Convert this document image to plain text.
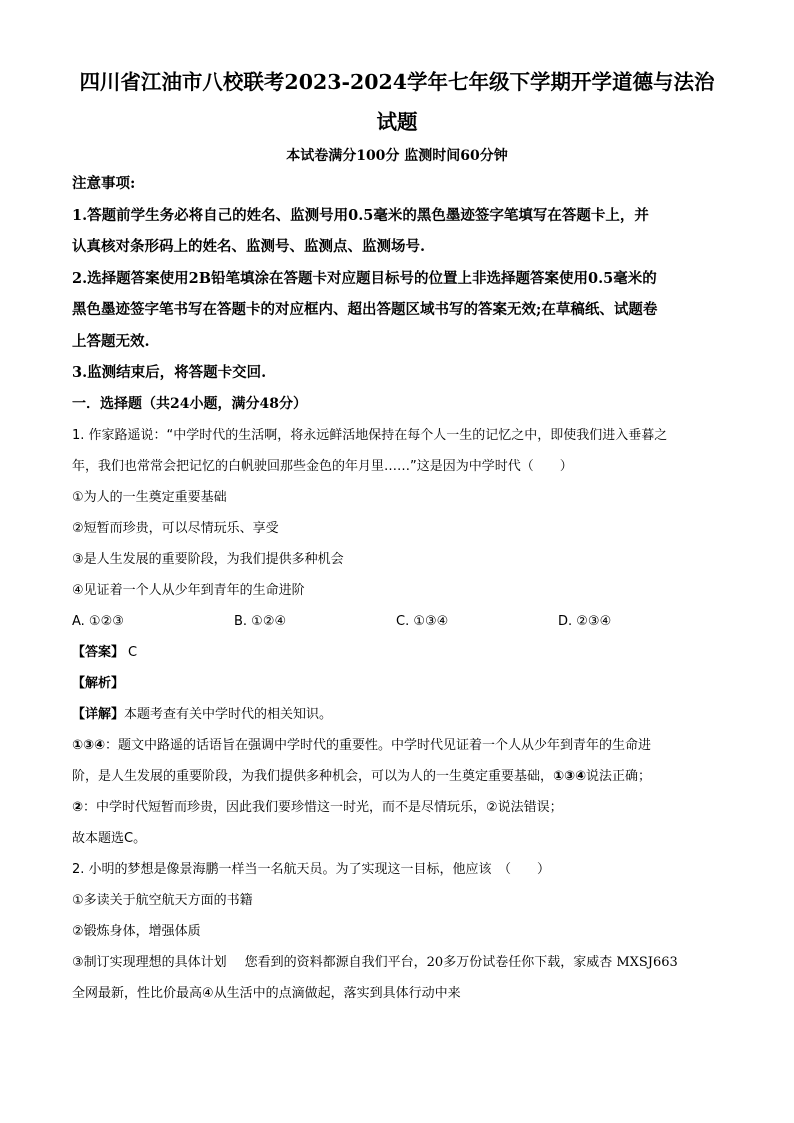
四川省江油市八校联考2023-2024学年七年级下学期开学道德与法治
试题
本试卷满分100分 监测时间60分钟
注意事项:
1.答题前学生务必将自己的姓名、监测号用0.5毫米的黑色墨迹签字笔填写在答题卡上，并
认真核对条形码上的姓名、监测号、监测点、监测场号.
2.选择题答案使用2B铅笔填涂在答题卡对应题目标号的位置上非选择题答案使用0.5毫米的
黑色墨迹签字笔书写在答题卡的对应框内、超出答题区域书写的答案无效;在草稿纸、试题卷
上答题无效.
3.监测结束后，将答题卡交回.
一．选择题（共24小题，满分48分）
1. 作家路遥说：“中学时代的生活啊，将永远鲜活地保持在每个人一生的记忆之中，即使我们进入垂暮之
年，我们也常常会把记忆的白帆驶回那些金色的年月里……”这是因为中学时代（　　）
①为人的一生奠定重要基础
②短暂而珍贵，可以尽情玩乐、享受
③是人生发展的重要阶段，为我们提供多种机会
④见证着一个人从少年到青年的生命进阶
A. ①②③	B. ①②④	C. ①③④	D. ②③④
【答案】 C
【解析】
【详解】本题考查有关中学时代的相关知识。
①③④：题文中路遥的话语旨在强调中学时代的重要性。中学时代见证着一个人从少年到青年的生命进
阶，是人生发展的重要阶段，为我们提供多种机会，可以为人的一生奠定重要基础，①③④说法正确；
②：中学时代短暂而珍贵，因此我们要珍惜这一时光，而不是尽情玩乐，②说法错误；
故本题选C。
2. 小明的梦想是像景海鹏一样当一名航天员。为了实现这一目标，他应该　（　　）
①多读关于航空航天方面的书籍
②锻炼身体，增强体质
③制订实现理想的具体计划 您看到的资料都源自我们平台，20多万份试卷任你下载，家威杏 MXSJ663
全网最新，性比价最高④从生活中的点滴做起，落实到具体行动中来
